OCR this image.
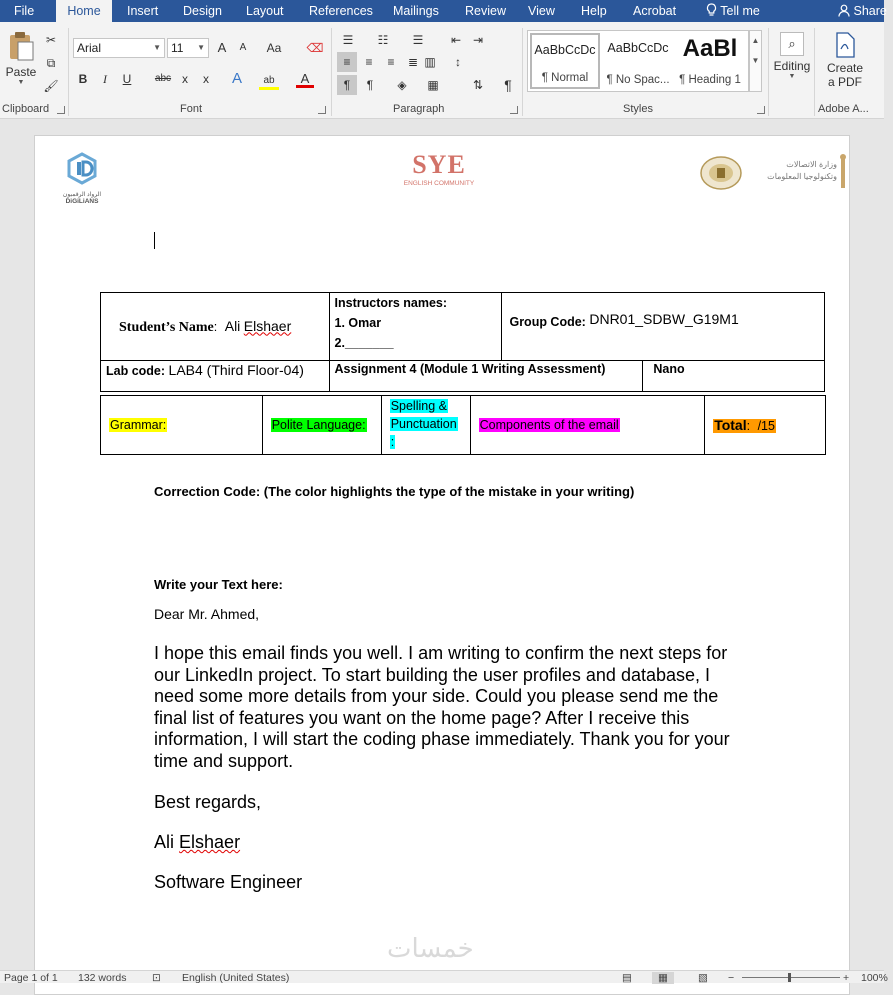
File	Home	Insert	Design	Layout	References	Mailings	Review	View	Help	Acrobat	Tell me	Share
Paste
▼
✂
⧉
🖌
Clipboard
Arial	▼ 11 ▼ A	A	Aa	⌫
B	I	U	abc x	x	A	ab	A
Font
☰	☷	☰	⇤ ⇥
≡	≡	≡	≣ ▥	↕
¶	¶	◈	▦	⇅	¶
Paragraph
AaBbCcDc
¶ Normal
AaBbCcDc
¶ No Spac...
AaBl
¶ Heading 1
▲
▼
Styles
⌕
Editing
▼
Create
a PDF
Adobe A...
الرواد الرقميون
DiGiLiANS
SYE
ENGLISH COMMUNITY
وزارة الاتصالات
وتكنولوجيا المعلومات
Student’s Name: Ali Elshaer	Instructors names:
1. Omar
2._______	Group Code: DNR01_SDBW_G19M1	
Lab code: LAB4 (Third Floor-04)	Assignment 4 (Module 1 Writing Assessment)		Nano
Grammar:	Polite Language:	Spelling &
Punctuation
:	Components of the email	Total: /15
Correction Code: (The color highlights the type of the mistake in your writing)
Write your Text here:
Dear Mr. Ahmed,
I hope this email finds you well. I am writing to confirm the next steps for our LinkedIn project. To start building the user profiles and database, I need some more details from your side. Could you please send me the final list of features you want on the home page? After I receive this information, I will start the coding phase immediately. Thank you for your time and support.
Best regards,
Ali Elshaer
Software Engineer
خمسات
Page 1 of 1 132 words ⊡ English (United States)	▤	▦	▧ −	+ 100%
